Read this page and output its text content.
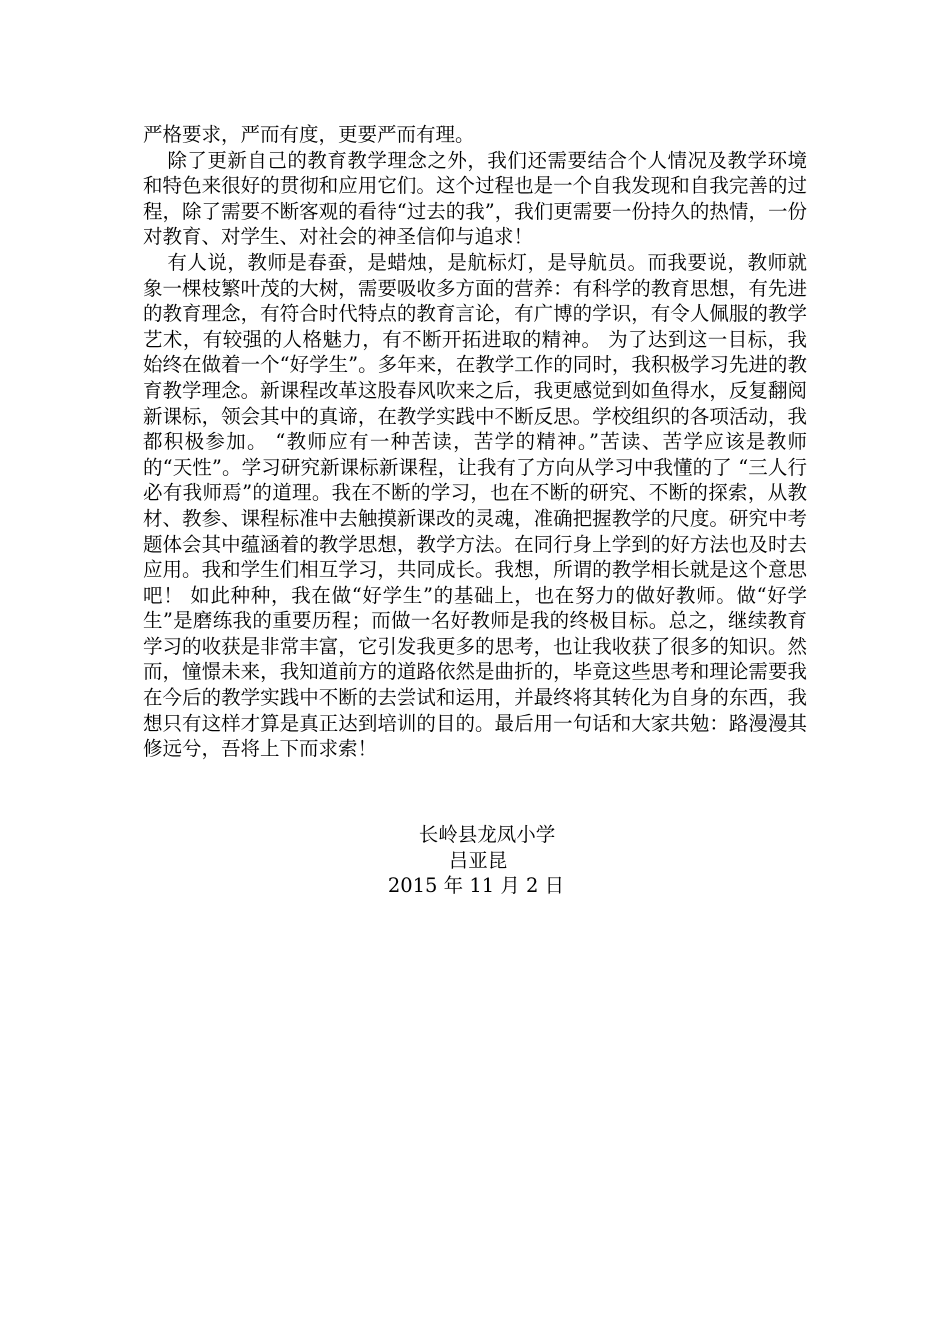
严格要求，严而有度，更要严而有理。

除了更新自己的教育教学理念之外，我们还需要结合个人情况及教学环境和特色来很好的贯彻和应用它们。这个过程也是一个自我发现和自我完善的过程，除了需要不断客观的看待“过去的我”，我们更需要一份持久的热情，一份对教育、对学生、对社会的神圣信仰与追求！

有人说，教师是春蚕，是蜡烛，是航标灯，是导航员。而我要说，教师就象一棵枝繁叶茂的大树，需要吸收多方面的营养：有科学的教育思想，有先进的教育理念，有符合时代特点的教育言论，有广博的学识，有令人佩服的教学艺术，有较强的人格魅力，有不断开拓进取的精神。 为了达到这一目标，我始终在做着一个“好学生”。多年来，在教学工作的同时，我积极学习先进的教育教学理念。新课程改革这股春风吹来之后，我更感觉到如鱼得水，反复翻阅新课标，领会其中的真谛，在教学实践中不断反思。学校组织的各项活动，我都积极参加。 “教师应有一种苦读，苦学的精神。”苦读、苦学应该是教师的“天性”。学习研究新课标新课程，让我有了方向从学习中我懂的了 “三人行必有我师焉”的道理。我在不断的学习，也在不断的研究、不断的探索，从教材、教参、课程标准中去触摸新课改的灵魂，准确把握教学的尺度。研究中考题体会其中蕴涵着的教学思想，教学方法。在同行身上学到的好方法也及时去应用。我和学生们相互学习，共同成长。我想，所谓的教学相长就是这个意思吧！ 如此种种，我在做“好学生”的基础上，也在努力的做好教师。做“好学生”是磨练我的重要历程；而做一名好教师是我的终极目标。总之，继续教育学习的收获是非常丰富，它引发我更多的思考，也让我收获了很多的知识。然而，憧憬未来，我知道前方的道路依然是曲折的，毕竟这些思考和理论需要我在今后的教学实践中不断的去尝试和运用，并最终将其转化为自身的东西，我想只有这样才算是真正达到培训的目的。最后用一句话和大家共勉：路漫漫其修远兮，吾将上下而求索！

长岭县龙凤小学
吕亚昆
2015 年 11 月 2 日
